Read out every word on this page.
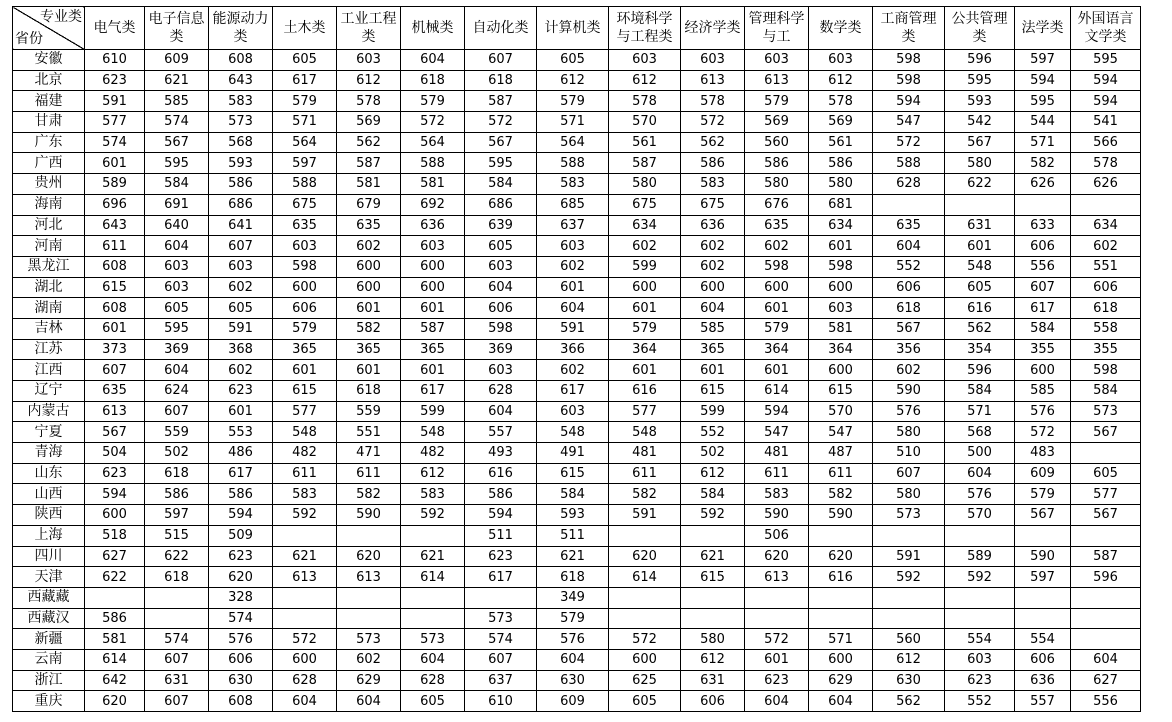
专业类
省份	电气类	电子信息类	能源动力类	土木类	工业工程类	机械类	自动化类	计算机类	环境科学与工程类	经济学类	管理科学与工	数学类	工商管理类	公共管理类	法学类	外国语言文学类

安徽	610	609	608	605	603	604	607	605	603	603	603	603	598	596	597	595
北京	623	621	643	617	612	618	618	612	612	613	613	612	598	595	594	594
福建	591	585	583	579	578	579	587	579	578	578	579	578	594	593	595	594
甘肃	577	574	573	571	569	572	572	571	570	572	569	569	547	542	544	541
广东	574	567	568	564	562	564	567	564	561	562	560	561	572	567	571	566
广西	601	595	593	597	587	588	595	588	587	586	586	586	588	580	582	578
贵州	589	584	586	588	581	581	584	583	580	583	580	580	628	622	626	626
海南	696	691	686	675	679	692	686	685	675	675	676	681				
河北	643	640	641	635	635	636	639	637	634	636	635	634	635	631	633	634
河南	611	604	607	603	602	603	605	603	602	602	602	601	604	601	606	602
黑龙江	608	603	603	598	600	600	603	602	599	602	598	598	552	548	556	551
湖北	615	603	602	600	600	600	604	601	600	600	600	600	606	605	607	606
湖南	608	605	605	606	601	601	606	604	601	604	601	603	618	616	617	618
吉林	601	595	591	579	582	587	598	591	579	585	579	581	567	562	584	558
江苏	373	369	368	365	365	365	369	366	364	365	364	364	356	354	355	355
江西	607	604	602	601	601	601	603	602	601	601	601	600	602	596	600	598
辽宁	635	624	623	615	618	617	628	617	616	615	614	615	590	584	585	584
内蒙古	613	607	601	577	559	599	604	603	577	599	594	570	576	571	576	573
宁夏	567	559	553	548	551	548	557	548	548	552	547	547	580	568	572	567
青海	504	502	486	482	471	482	493	491	481	502	481	487	510	500	483	
山东	623	618	617	611	611	612	616	615	611	612	611	611	607	604	609	605
山西	594	586	586	583	582	583	586	584	582	584	583	582	580	576	579	577
陕西	600	597	594	592	590	592	594	593	591	592	590	590	573	570	567	567
上海	518	515	509				511	511			506					
四川	627	622	623	621	620	621	623	621	620	621	620	620	591	589	590	587
天津	622	618	620	613	613	614	617	618	614	615	613	616	592	592	597	596
西藏藏			328					349								
西藏汉	586		574				573	579								
新疆	581	574	576	572	573	573	574	576	572	580	572	571	560	554	554	
云南	614	607	606	600	602	604	607	604	600	612	601	600	612	603	606	604
浙江	642	631	630	628	629	628	637	630	625	631	623	629	630	623	636	627
重庆	620	607	608	604	604	605	610	609	605	606	604	604	562	552	557	556
